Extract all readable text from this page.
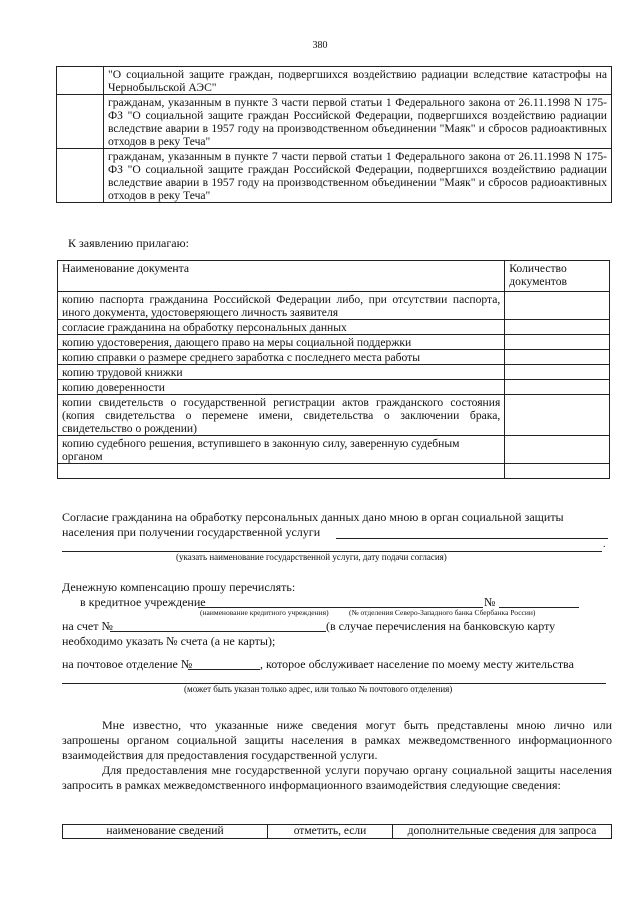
380
	"О социальной защите граждан, подвергшихся воздействию радиации вследствие катастрофы на Чернобыльской АЭС"
	гражданам, указанным в пункте 3 части первой статьи 1 Федерального закона от 26.11.1998 N 175-ФЗ "О социальной защите граждан Российской Федерации, подвергшихся воздействию радиации вследствие аварии в 1957 году на производственном объединении "Маяк" и сбросов радиоактивных отходов в реку Теча"
	гражданам, указанным в пункте 7 части первой статьи 1 Федерального закона от 26.11.1998 N 175-ФЗ "О социальной защите граждан Российской Федерации, подвергшихся воздействию радиации вследствие аварии в 1957 году на производственном объединении "Маяк" и сбросов радиоактивных отходов в реку Теча"
К заявлению прилагаю:
Наименование документа	Количество документов
копию паспорта гражданина Российской Федерации либо, при отсутствии паспорта, иного документа, удостоверяющего личность заявителя	
согласие гражданина на обработку персональных данных	
копию удостоверения, дающего право на меры социальной поддержки	
копию справки о размере среднего заработка с последнего места работы	
копию трудовой книжки	
копию доверенности	
копии свидетельств о государственной регистрации актов гражданского состояния (копия свидетельства о перемене имени, свидетельства о заключении брака, свидетельство о рождении)	
копию судебного решения, вступившего в законную силу, заверенную судебным органом	

Согласие гражданина на обработку персональных данных дано мною в орган социальной защиты
населения при получении государственной услуги
.
(указать наименование государственной услуги, дату подачи согласия)
Денежную компенсацию прошу перечислять:
в кредитное учреждение	№
(наименование кредитного учреждения)	(№ отделения Северо-Западного банка Сбербанка России)
на счет №	(в случае перечисления на банковскую карту
необходимо указать № счета (а не карты);
на почтовое отделение №	, которое обслуживает население по моему месту жительства
(может быть указан только адрес, или только № почтового отделения)
Мне известно, что указанные ниже сведения могут быть представлены мною лично или запрошены органом социальной защиты населения в рамках межведомственного информационного взаимодействия для предоставления государственной услуги.
Для предоставления мне государственной услуги поручаю органу социальной защиты населения запросить в рамках межведомственного информационного взаимодействия следующие сведения:
наименование сведений	отметить, если	дополнительные сведения для запроса
